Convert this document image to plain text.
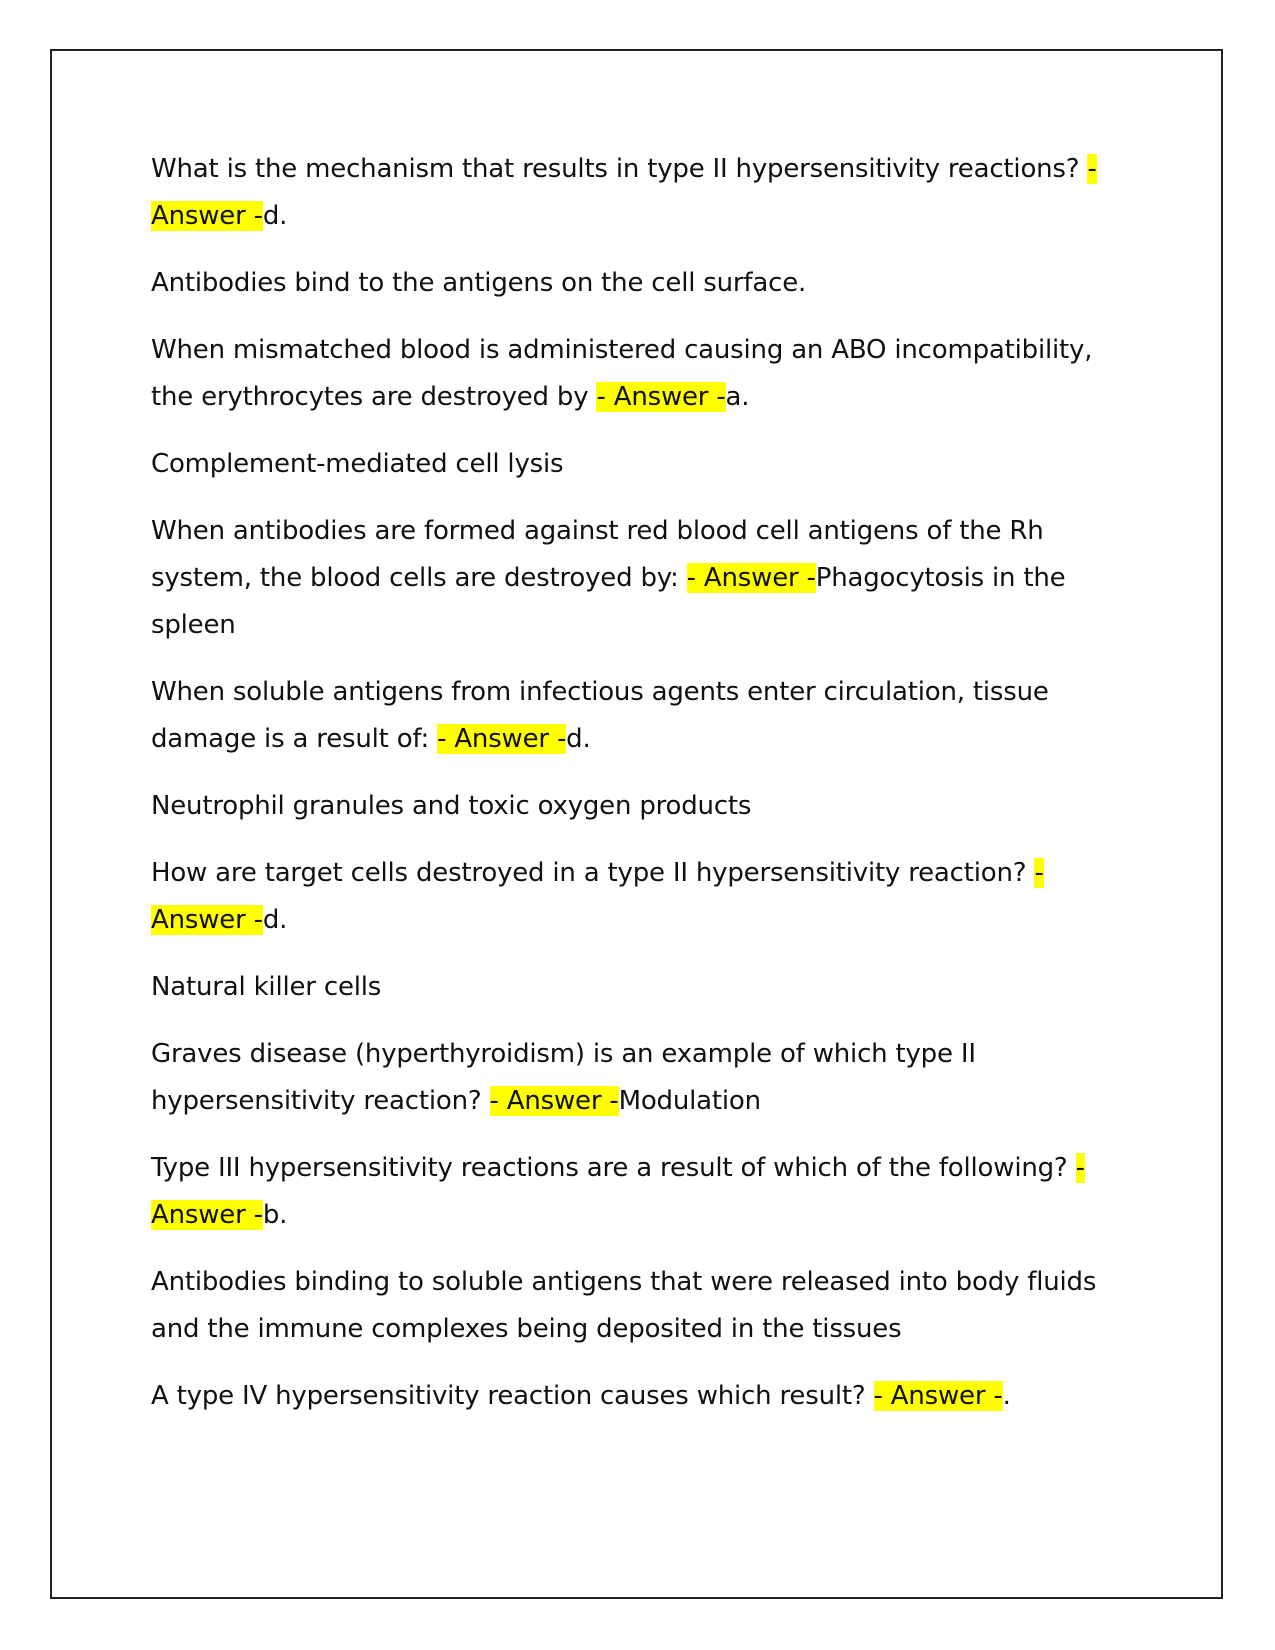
What is the mechanism that results in type II hypersensitivity reactions? - Answer -d.

Antibodies bind to the antigens on the cell surface.

When mismatched blood is administered causing an ABO incompatibility, the erythrocytes are destroyed by - Answer -a.

Complement-mediated cell lysis

When antibodies are formed against red blood cell antigens of the Rh system, the blood cells are destroyed by: - Answer -Phagocytosis in the spleen

When soluble antigens from infectious agents enter circulation, tissue damage is a result of: - Answer -d.

Neutrophil granules and toxic oxygen products

How are target cells destroyed in a type II hypersensitivity reaction? - Answer -d.

Natural killer cells

Graves disease (hyperthyroidism) is an example of which type II hypersensitivity reaction? - Answer -Modulation

Type III hypersensitivity reactions are a result of which of the following? - Answer -b.

Antibodies binding to soluble antigens that were released into body fluids and the immune complexes being deposited in the tissues

A type IV hypersensitivity reaction causes which result? - Answer -.
